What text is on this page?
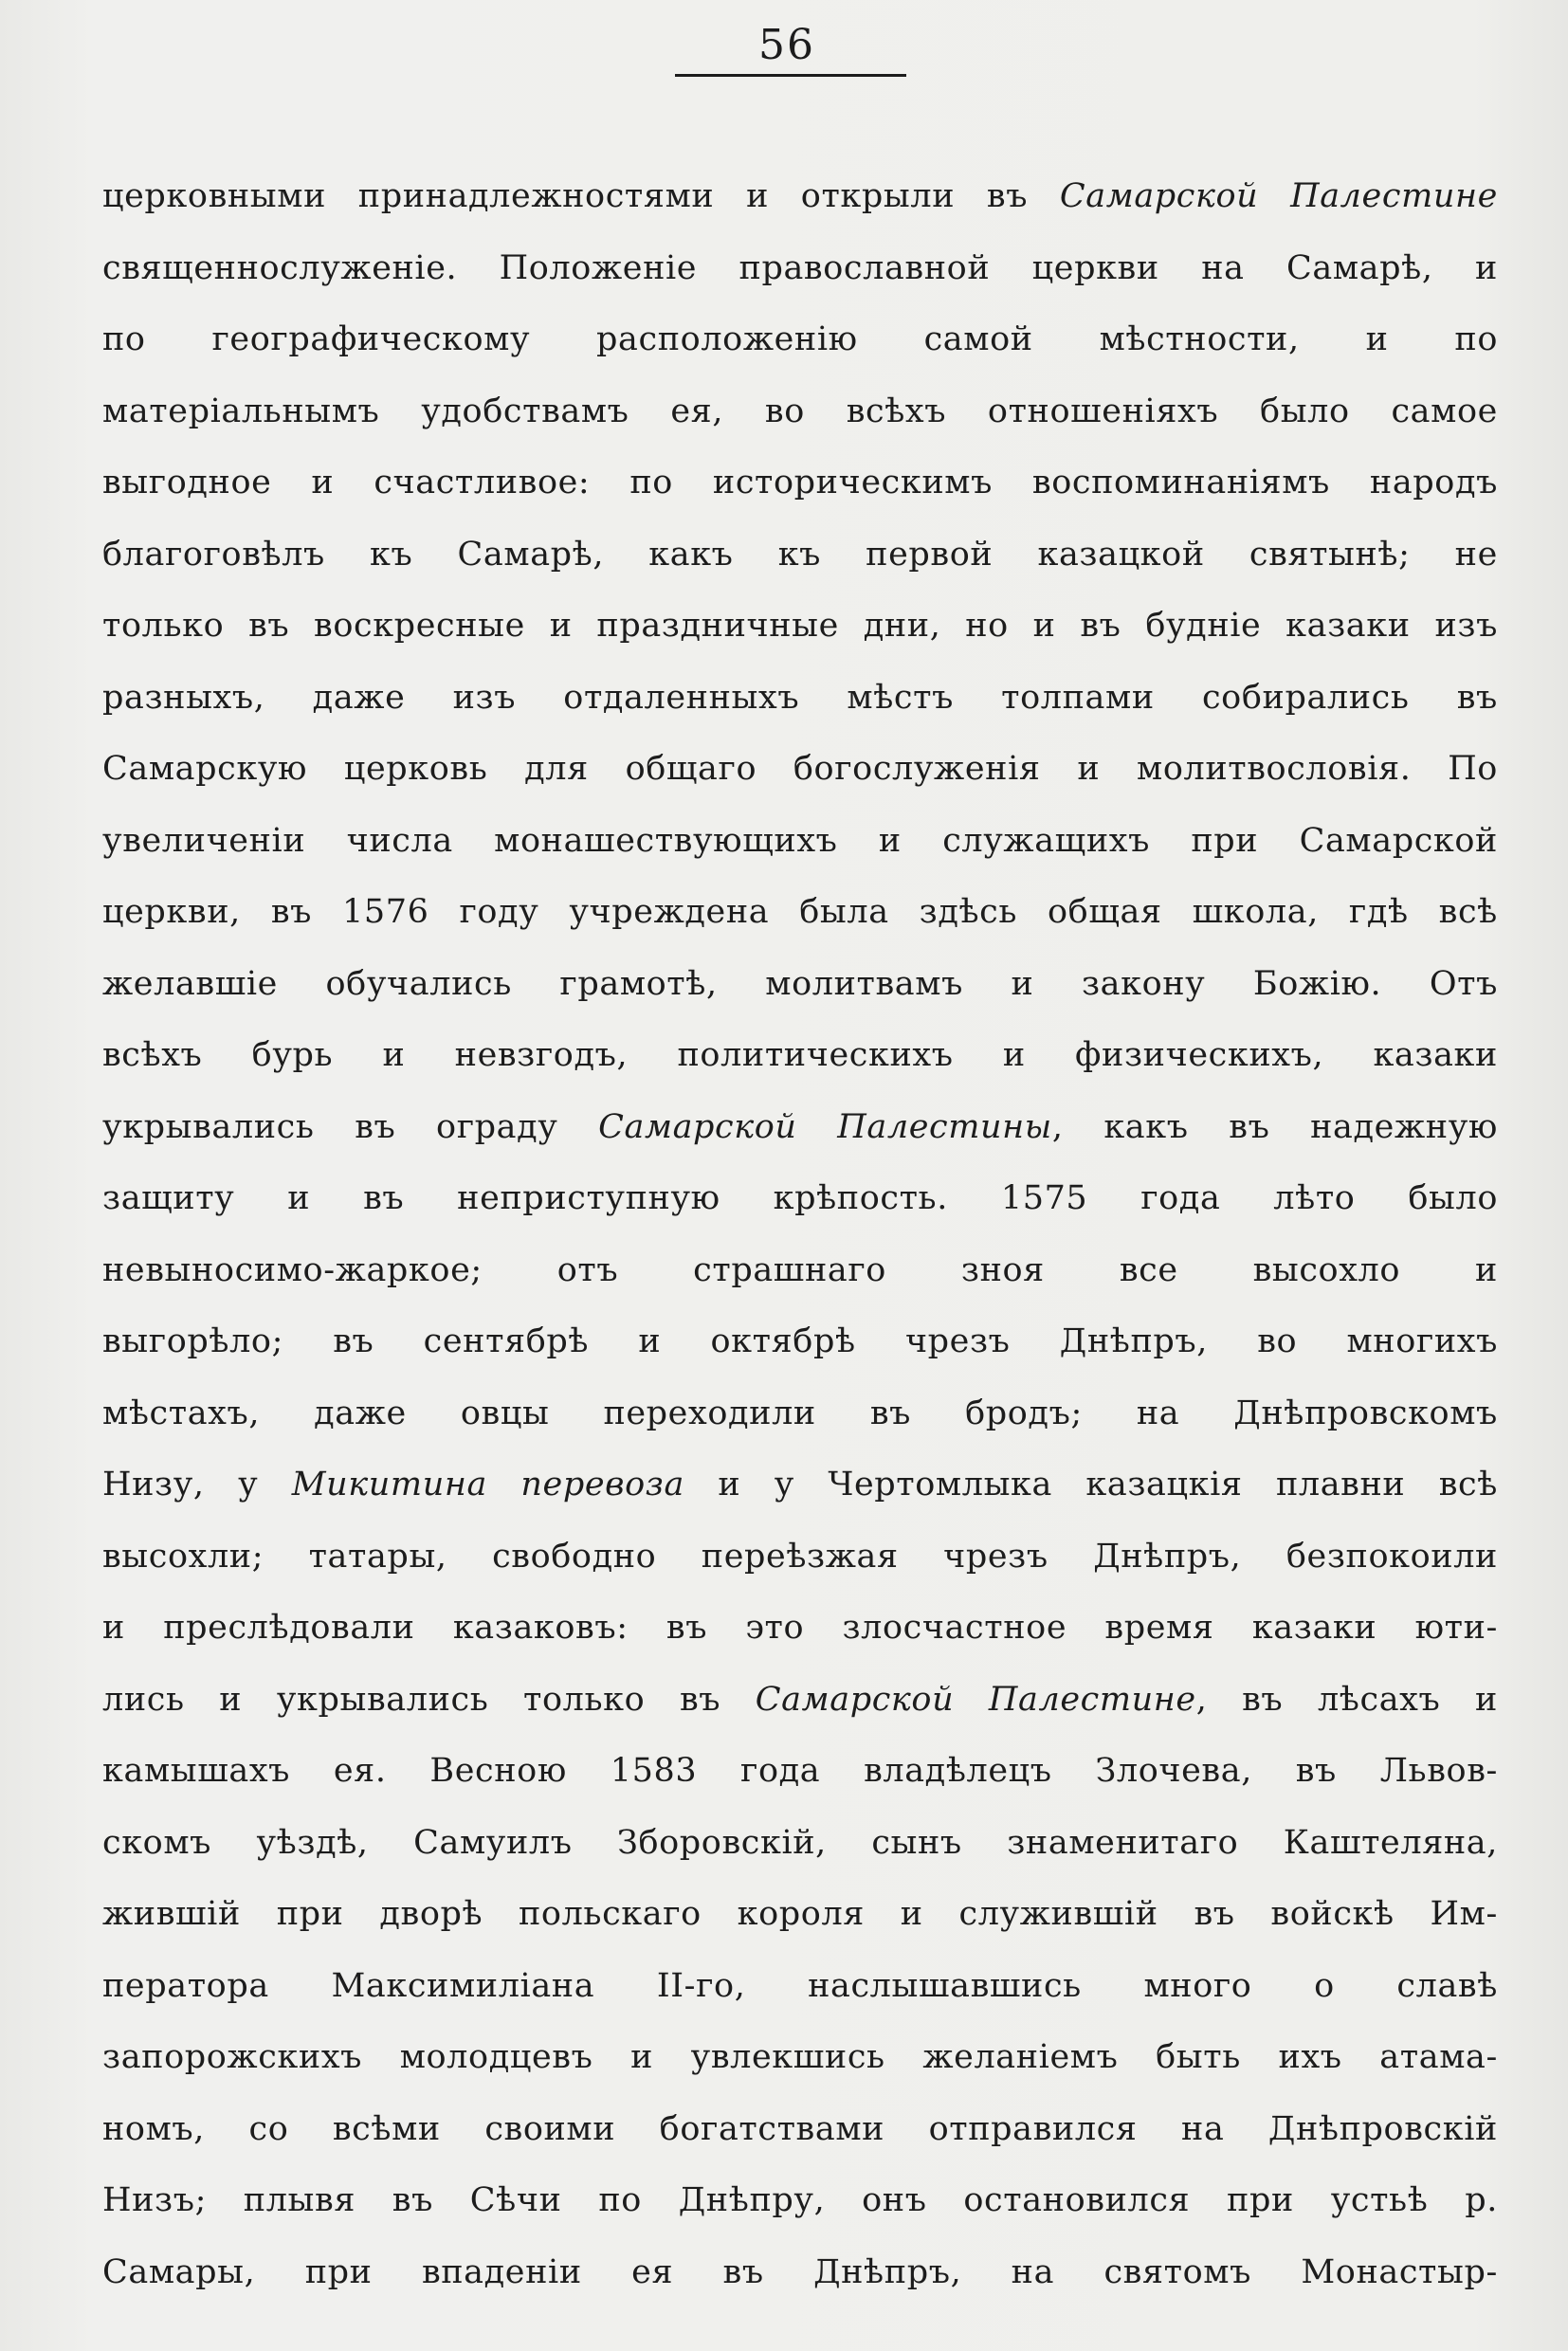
56
церковными принадлежностями и открыли въ Самарской Палестине
священнослуженіе. Положеніе православной церкви на Самарѣ, и
по географическому расположенію самой мѣстности, и по
матеріальнымъ удобствамъ ея, во всѣхъ отношеніяхъ было самое
выгодное и счастливое: по историческимъ воспоминаніямъ народъ
благоговѣлъ къ Самарѣ, какъ къ первой казацкой святынѣ; не
только въ воскресные и праздничные дни, но и въ будніе казаки изъ
разныхъ, даже изъ отдаленныхъ мѣстъ толпами собирались въ
Самарскую церковь для общаго богослуженія и молитвословія. По
увеличеніи числа монашествующихъ и служащихъ при Самарской
церкви, въ 1576 году учреждена была здѣсь общая школа, гдѣ всѣ
желавшіе обучались грамотѣ, молитвамъ и закону Божію. Отъ
всѣхъ бурь и невзгодъ, политическихъ и физическихъ, казаки
укрывались въ ограду Самарской Палестины, какъ въ надежную
защиту и въ неприступную крѣпость. 1575 года лѣто было
невыносимо-жаркое; отъ страшнаго зноя все высохло и
выгорѣло; въ сентябрѣ и октябрѣ чрезъ Днѣпръ, во многихъ
мѣстахъ, даже овцы переходили въ бродъ; на Днѣпровскомъ
Низу, у Микитина перевоза и у Чертомлыка казацкія плавни всѣ
высохли; татары, свободно переѣзжая чрезъ Днѣпръ, безпокоили
и преслѣдовали казаковъ: въ это злосчастное время казаки юти-
лись и укрывались только въ Самарской Палестине, въ лѣсахъ и
камышахъ ея. Весною 1583 года владѣлецъ Злочева, въ Львов-
скомъ уѣздѣ, Самуилъ Зборовскій, сынъ знаменитаго Каштеляна,
жившій при дворѣ польскаго короля и служившій въ войскѣ Им-
ператора Максимиліана II-го, наслышавшись много о славѣ
запорожскихъ молодцевъ и увлекшись желаніемъ быть ихъ атама-
номъ, со всѣми своими богатствами отправился на Днѣпровскій
Низъ; плывя въ Сѣчи по Днѣпру, онъ остановился при устьѣ р.
Самары, при впаденіи ея въ Днѣпръ, на святомъ Монастыр-
